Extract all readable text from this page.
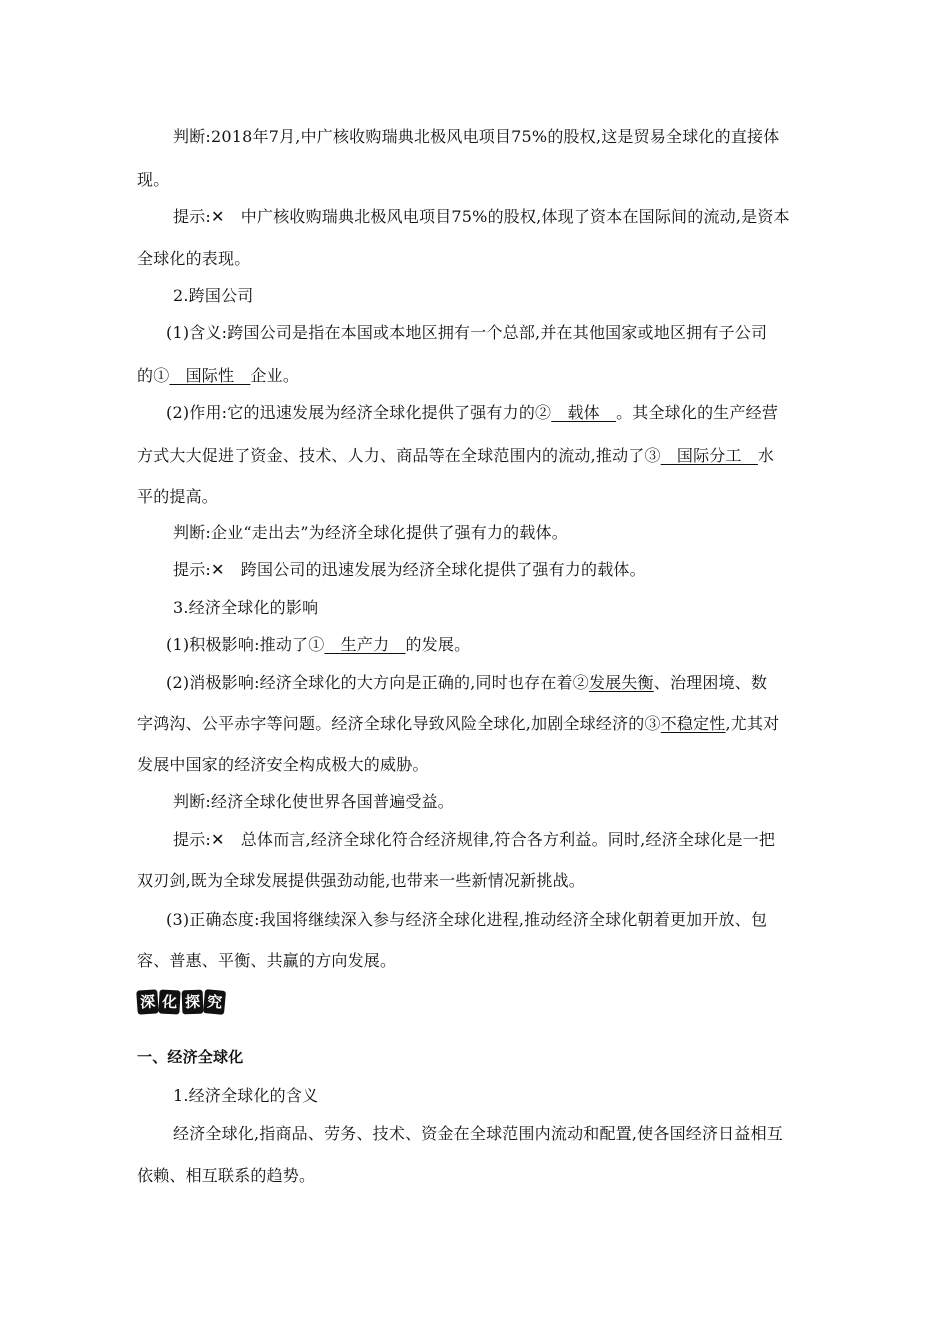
判断:2018年7月,中广核收购瑞典北极风电项目75%的股权,这是贸易全球化的直接体
现。
提示:✕　中广核收购瑞典北极风电项目75%的股权,体现了资本在国际间的流动,是资本
全球化的表现。
2.跨国公司
(1)含义:跨国公司是指在本国或本地区拥有一个总部,并在其他国家或地区拥有子公司
的①　国际性　企业。
(2)作用:它的迅速发展为经济全球化提供了强有力的②　载体　。其全球化的生产经营
方式大大促进了资金、技术、人力、商品等在全球范围内的流动,推动了③　国际分工　水
平的提高。
判断:企业“走出去”为经济全球化提供了强有力的载体。
提示:✕　跨国公司的迅速发展为经济全球化提供了强有力的载体。
3.经济全球化的影响
(1)积极影响:推动了①　生产力　的发展。
(2)消极影响:经济全球化的大方向是正确的,同时也存在着②发展失衡、治理困境、数
字鸿沟、公平赤字等问题。经济全球化导致风险全球化,加剧全球经济的③不稳定性,尤其对
发展中国家的经济安全构成极大的威胁。
判断:经济全球化使世界各国普遍受益。
提示:✕　总体而言,经济全球化符合经济规律,符合各方利益。同时,经济全球化是一把
双刃剑,既为全球发展提供强劲动能,也带来一些新情况新挑战。
(3)正确态度:我国将继续深入参与经济全球化进程,推动经济全球化朝着更加开放、包
容、普惠、平衡、共赢的方向发展。
深 化 探 究
一、经济全球化
1.经济全球化的含义
经济全球化,指商品、劳务、技术、资金在全球范围内流动和配置,使各国经济日益相互
依赖、相互联系的趋势。
